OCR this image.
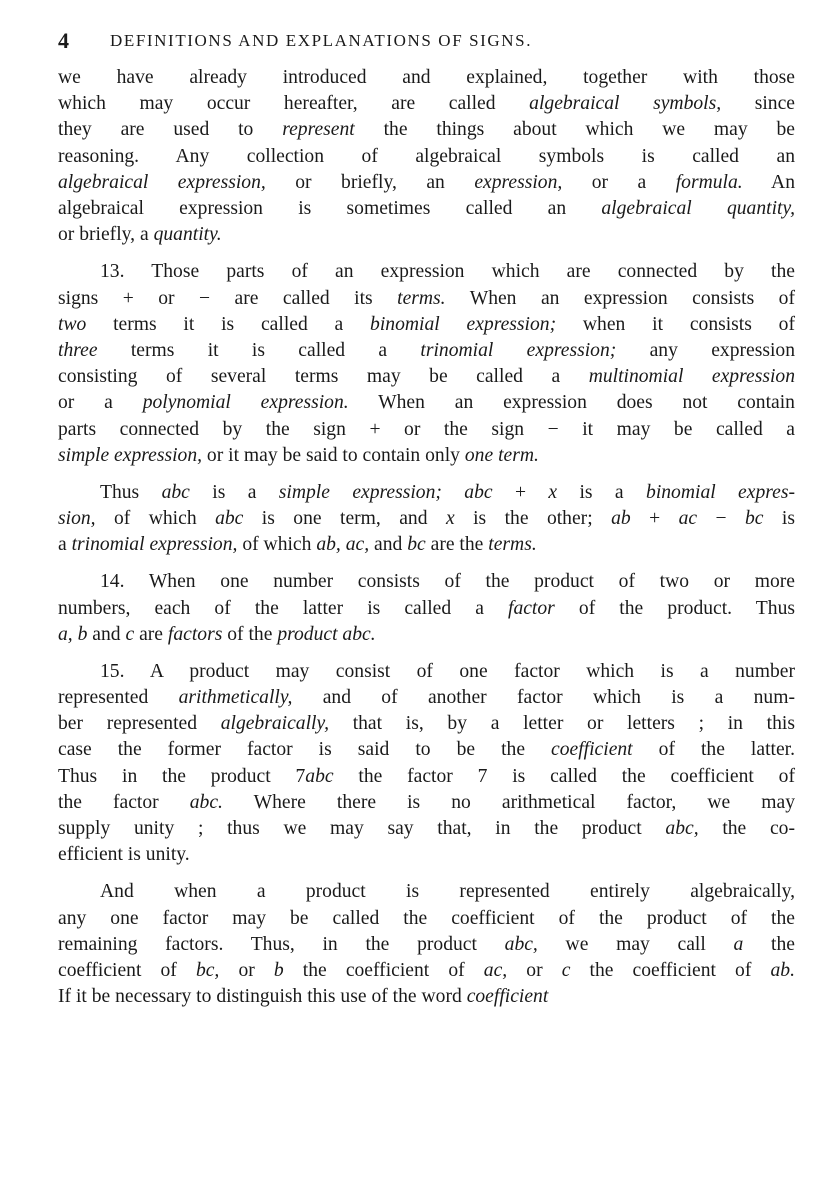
4 DEFINITIONS AND EXPLANATIONS OF SIGNS.
we have already introduced and explained, together with those
which may occur hereafter, are called algebraical symbols, since
they are used to represent the things about which we may be
reasoning. Any collection of algebraical symbols is called an
algebraical expression, or briefly, an expression, or a formula. An
algebraical expression is sometimes called an algebraical quantity,
or briefly, a quantity.
13. Those parts of an expression which are connected by the
signs + or − are called its terms. When an expression consists of
two terms it is called a binomial expression; when it consists of
three terms it is called a trinomial expression; any expression
consisting of several terms may be called a multinomial expression
or a polynomial expression. When an expression does not contain
parts connected by the sign + or the sign − it may be called a
simple expression, or it may be said to contain only one term.
Thus abc is a simple expression; abc + x is a binomial expres-
sion, of which abc is one term, and x is the other; ab + ac − bc is
a trinomial expression, of which ab, ac, and bc are the terms.
14. When one number consists of the product of two or more
numbers, each of the latter is called a factor of the product. Thus
a, b and c are factors of the product abc.
15. A product may consist of one factor which is a number
represented arithmetically, and of another factor which is a num-
ber represented algebraically, that is, by a letter or letters ; in this
case the former factor is said to be the coefficient of the latter.
Thus in the product 7abc the factor 7 is called the coefficient of
the factor abc. Where there is no arithmetical factor, we may
supply unity ; thus we may say that, in the product abc, the co-
efficient is unity.
And when a product is represented entirely algebraically,
any one factor may be called the coefficient of the product of the
remaining factors. Thus, in the product abc, we may call a the
coefficient of bc, or b the coefficient of ac, or c the coefficient of ab.
If it be necessary to distinguish this use of the word coefficient
